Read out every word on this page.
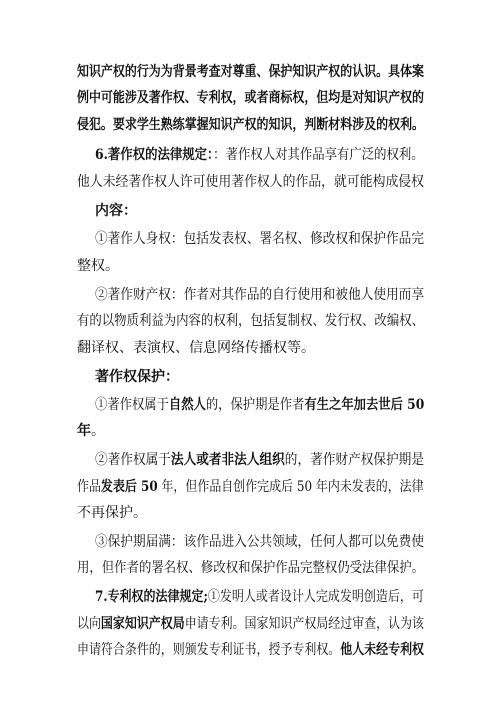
知识产权的行为为背景考查对尊重、保护知识产权的认识。具体案
例中可能涉及著作权、专利权，或者商标权，但均是对知识产权的
侵犯。要求学生熟练掌握知识产权的知识，判断材料涉及的权利。
6.著作权的法律规定：：著作权人对其作品享有广泛的权利。
他人未经著作权人许可使用著作权人的作品，就可能构成侵权
内容：
①著作人身权：包括发表权、署名权、修改权和保护作品完
整权。
②著作财产权：作者对其作品的自行使用和被他人使用而享
有的以物质利益为内容的权利，包括复制权、发行权、改编权、
翻译权、表演权、信息网络传播权等。
著作权保护：
①著作权属于自然人的，保护期是作者有生之年加去世后 50
年。
②著作权属于法人或者非法人组织的，著作财产权保护期是
作品发表后 50 年，但作品自创作完成后 50 年内未发表的，法律
不再保护。
③保护期届满：该作品进入公共领域，任何人都可以免费使
用，但作者的署名权、修改权和保护作品完整权仍受法律保护。
7.专利权的法律规定;①发明人或者设计人完成发明创造后，可
以向国家知识产权局申请专利。国家知识产权局经过审查，认为该
申请符合条件的，则颁发专利证书，授予专利权。他人未经专利权
